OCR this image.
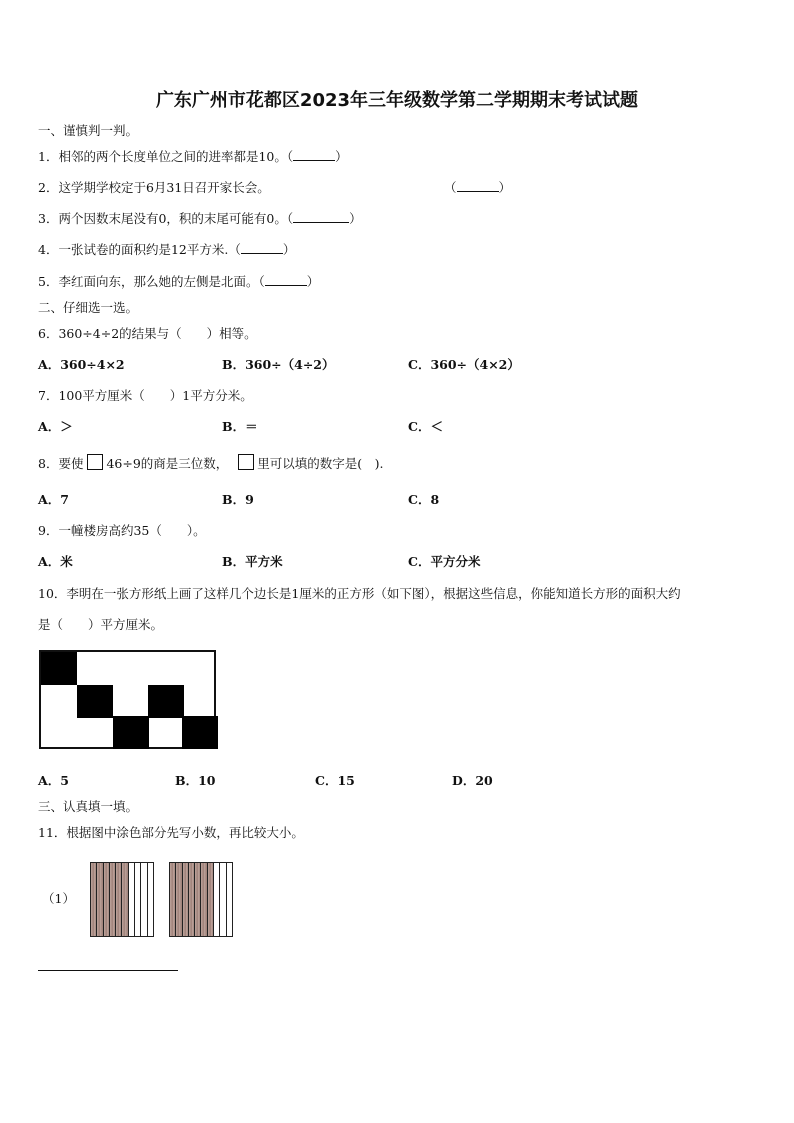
广东广州市花都区2023年三年级数学第二学期期末考试试题
一、谨慎判一判。
1．相邻的两个长度单位之间的进率都是10。（	）
2．这学期学校定于6月31日召开家长会。	（	）
3．两个因数末尾没有0，积的末尾可能有0。（	）
4．一张试卷的面积约是12平方米.（	）
5．李红面向东，那么她的左侧是北面。（	）
二、仔细选一选。
6．360÷4÷2的结果与（　　）相等。
A．360÷4×2	B．360÷（4÷2）	C．360÷（4×2）
7．100平方厘米（　　）1平方分米。
A．＞	B．＝	C．＜
8．要使 46÷9的商是三位数， 里可以填的数字是(　).
A．7	B．9	C．8
9．一幢楼房高约35（　　）。
A．米	B．平方米	C．平方分米
10．李明在一张方形纸上画了这样几个边长是1厘米的正方形（如下图），根据这些信息，你能知道长方形的面积大约
是（　　）平方厘米。
A．5	B．10	C．15	D．20
三、认真填一填。
11．根据图中涂色部分先写小数，再比较大小。
（1）
